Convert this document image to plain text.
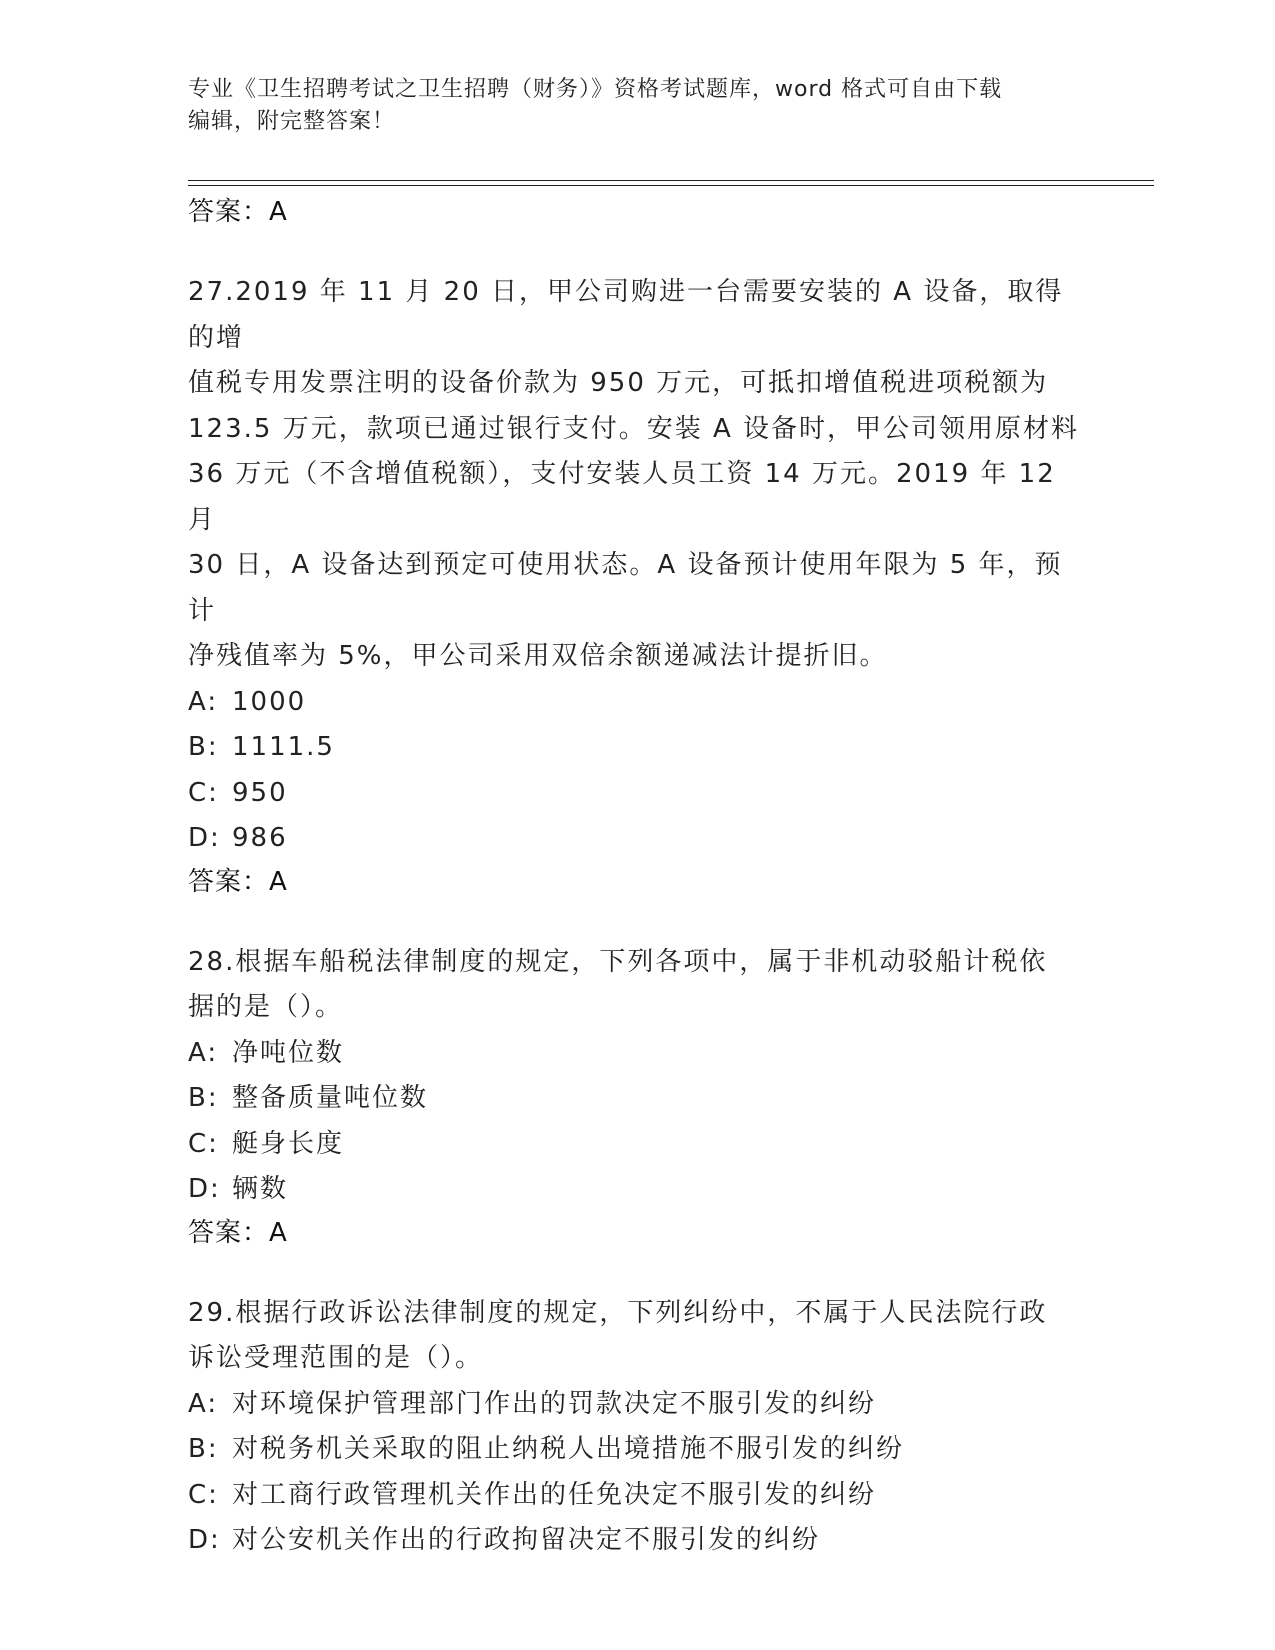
专业《卫生招聘考试之卫生招聘（财务）》资格考试题库，word 格式可自由下载
编辑，附完整答案！
答案：A
27.2019 年 11 月 20 日，甲公司购进一台需要安装的 A 设备，取得的增
值税专用发票注明的设备价款为 950 万元，可抵扣增值税进项税额为
123.5 万元，款项已通过银行支付。安装 A 设备时，甲公司领用原材料
36 万元（不含增值税额），支付安装人员工资 14 万元。2019 年 12 月
30 日，A 设备达到预定可使用状态。A 设备预计使用年限为 5 年，预计
净残值率为 5%，甲公司采用双倍余额递减法计提折旧。
A: 1000
B: 1111.5
C: 950
D: 986
答案：A
28.根据车船税法律制度的规定，下列各项中，属于非机动驳船计税依
据的是（）。
A: 净吨位数
B: 整备质量吨位数
C: 艇身长度
D: 辆数
答案：A
29.根据行政诉讼法律制度的规定，下列纠纷中，不属于人民法院行政
诉讼受理范围的是（）。
A: 对环境保护管理部门作出的罚款决定不服引发的纠纷
B: 对税务机关采取的阻止纳税人出境措施不服引发的纠纷
C: 对工商行政管理机关作出的任免决定不服引发的纠纷
D: 对公安机关作出的行政拘留决定不服引发的纠纷
